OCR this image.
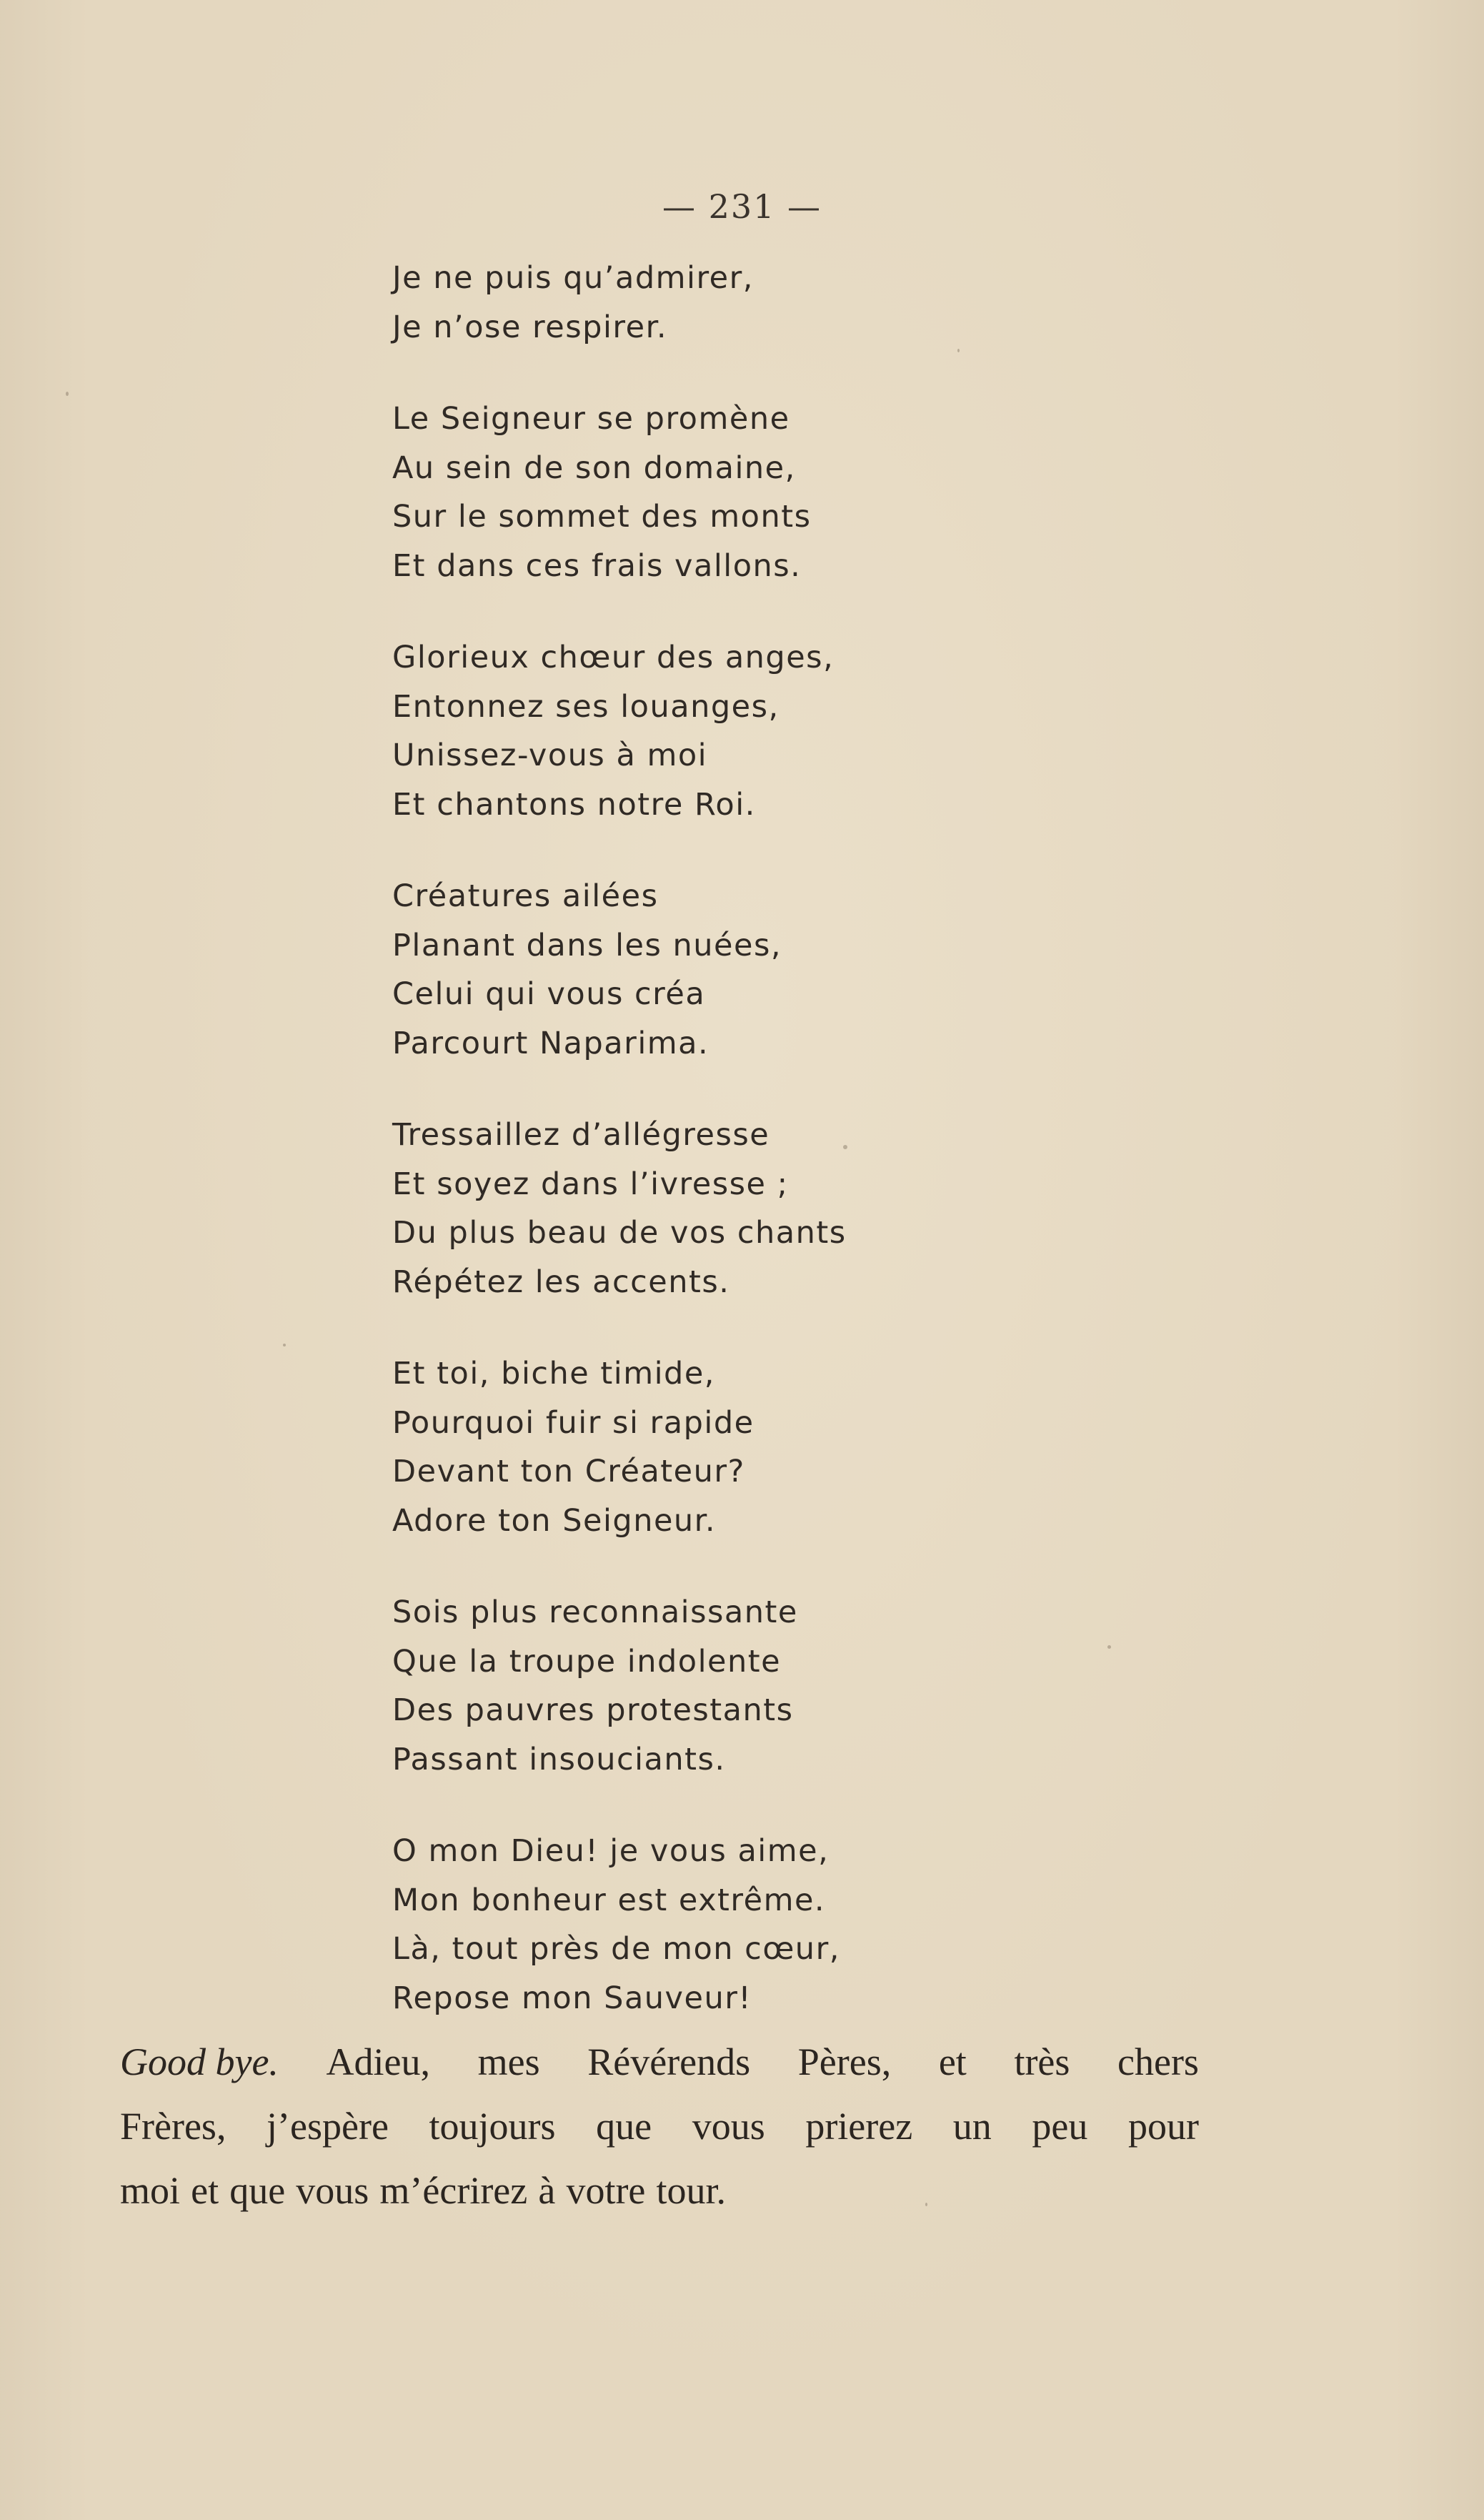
— 231 —
Je ne puis qu’admirer,
Je n’ose respirer.
Le Seigneur se promène
Au sein de son domaine,
Sur le sommet des monts
Et dans ces frais vallons.
Glorieux chœur des anges,
Entonnez ses louanges,
Unissez-vous à moi
Et chantons notre Roi.
Créatures ailées
Planant dans les nuées,
Celui qui vous créa
Parcourt Naparima.
Tressaillez d’allégresse
Et soyez dans l’ivresse ;
Du plus beau de vos chants
Répétez les accents.
Et toi, biche timide,
Pourquoi fuir si rapide
Devant ton Créateur?
Adore ton Seigneur.
Sois plus reconnaissante
Que la troupe indolente
Des pauvres protestants
Passant insouciants.
O mon Dieu! je vous aime,
Mon bonheur est extrême.
Là, tout près de mon cœur,
Repose mon Sauveur!
Good bye. Adieu, mes Révérends Pères, et très chers
Frères, j’espère toujours que vous prierez un peu pour
moi et que vous m’écrirez à votre tour.
